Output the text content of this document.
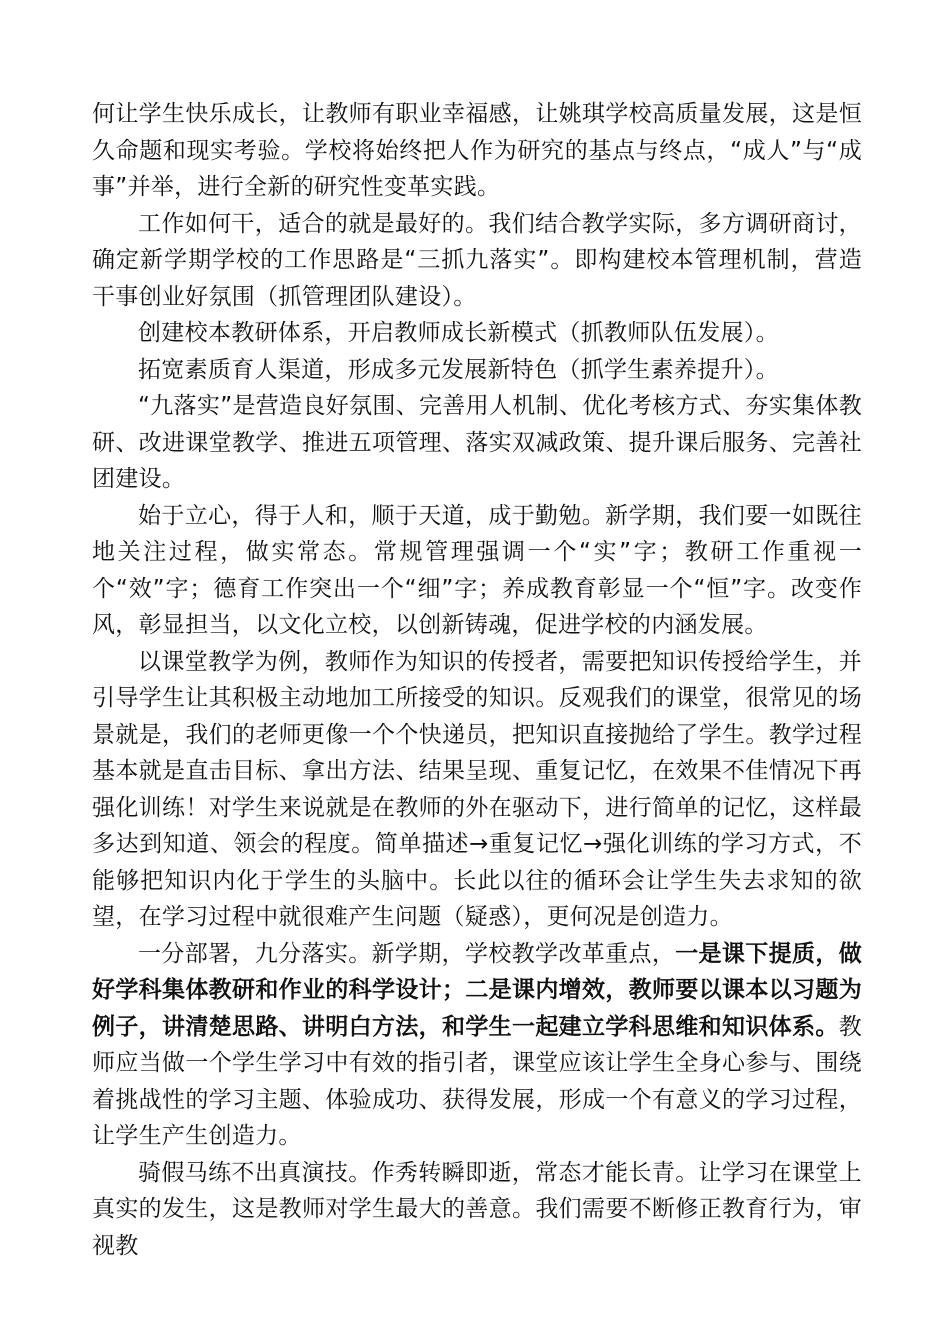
何让学生快乐成长，让教师有职业幸福感，让姚琪学校高质量发展，这是恒久命题和现实考验。学校将始终把人作为研究的基点与终点，“成人”与“成事”并举，进行全新的研究性变革实践。

工作如何干，适合的就是最好的。我们结合教学实际，多方调研商讨，确定新学期学校的工作思路是“三抓九落实”。即构建校本管理机制，营造干事创业好氛围（抓管理团队建设）。

创建校本教研体系，开启教师成长新模式（抓教师队伍发展）。

拓宽素质育人渠道，形成多元发展新特色（抓学生素养提升）。

“九落实”是营造良好氛围、完善用人机制、优化考核方式、夯实集体教研、改进课堂教学、推进五项管理、落实双减政策、提升课后服务、完善社团建设。

始于立心，得于人和，顺于天道，成于勤勉。新学期，我们要一如既往地关注过程，做实常态。常规管理强调一个“实”字；教研工作重视一个“效”字；德育工作突出一个“细”字；养成教育彰显一个“恒”字。改变作风，彰显担当，以文化立校，以创新铸魂，促进学校的内涵发展。

以课堂教学为例，教师作为知识的传授者，需要把知识传授给学生，并引导学生让其积极主动地加工所接受的知识。反观我们的课堂，很常见的场景就是，我们的老师更像一个个快递员，把知识直接抛给了学生。教学过程基本就是直击目标、拿出方法、结果呈现、重复记忆，在效果不佳情况下再强化训练！对学生来说就是在教师的外在驱动下，进行简单的记忆，这样最多达到知道、领会的程度。简单描述→重复记忆→强化训练的学习方式，不能够把知识内化于学生的头脑中。长此以往的循环会让学生失去求知的欲望，在学习过程中就很难产生问题（疑惑），更何况是创造力。

一分部署，九分落实。新学期，学校教学改革重点，一是课下提质，做好学科集体教研和作业的科学设计；二是课内增效，教师要以课本以习题为例子，讲清楚思路、讲明白方法，和学生一起建立学科思维和知识体系。教师应当做一个学生学习中有效的指引者，课堂应该让学生全身心参与、围绕着挑战性的学习主题、体验成功、获得发展，形成一个有意义的学习过程，让学生产生创造力。

骑假马练不出真演技。作秀转瞬即逝，常态才能长青。让学习在课堂上真实的发生，这是教师对学生最大的善意。我们需要不断修正教育行为，审视教
